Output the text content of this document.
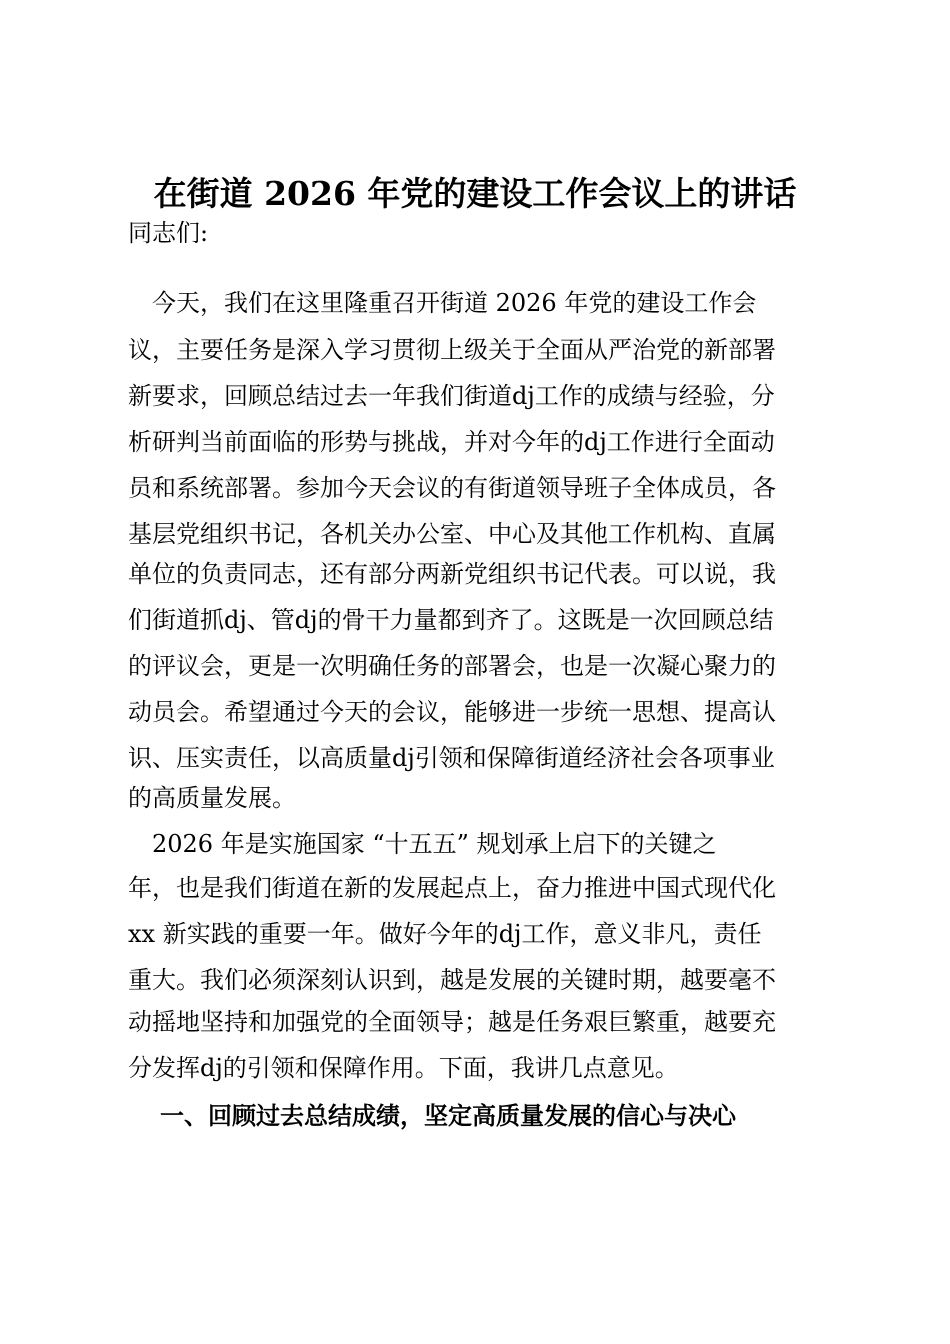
在街道 2026 年党的建设工作会议上的讲话

同志们:

　今天，我们在这里隆重召开街道 2026 年党的建设工作会

议，主要任务是深入学习贯彻上级关于全面从严治党的新部署

新要求，回顾总结过去一年我们街道dj工作的成绩与经验，分

析研判当前面临的形势与挑战，并对今年的dj工作进行全面动

员和系统部署。参加今天会议的有街道领导班子全体成员，各

基层党组织书记，各机关办公室、中心及其他工作机构、直属

单位的负责同志，还有部分两新党组织书记代表。可以说，我

们街道抓dj、管dj的骨干力量都到齐了。这既是一次回顾总结

的评议会，更是一次明确任务的部署会，也是一次凝心聚力的

动员会。希望通过今天的会议，能够进一步统一思想、提高认

识、压实责任，以高质量dj引领和保障街道经济社会各项事业

的高质量发展。

　2026 年是实施国家 “十五五” 规划承上启下的关键之

年，也是我们街道在新的发展起点上，奋力推进中国式现代化

xx 新实践的重要一年。做好今年的dj工作，意义非凡，责任

重大。我们必须深刻认识到，越是发展的关键时期，越要毫不

动摇地坚持和加强党的全面领导；越是任务艰巨繁重，越要充

分发挥dj的引领和保障作用。下面，我讲几点意见。

一、回顾过去总结成绩，坚定高质量发展的信心与决心
